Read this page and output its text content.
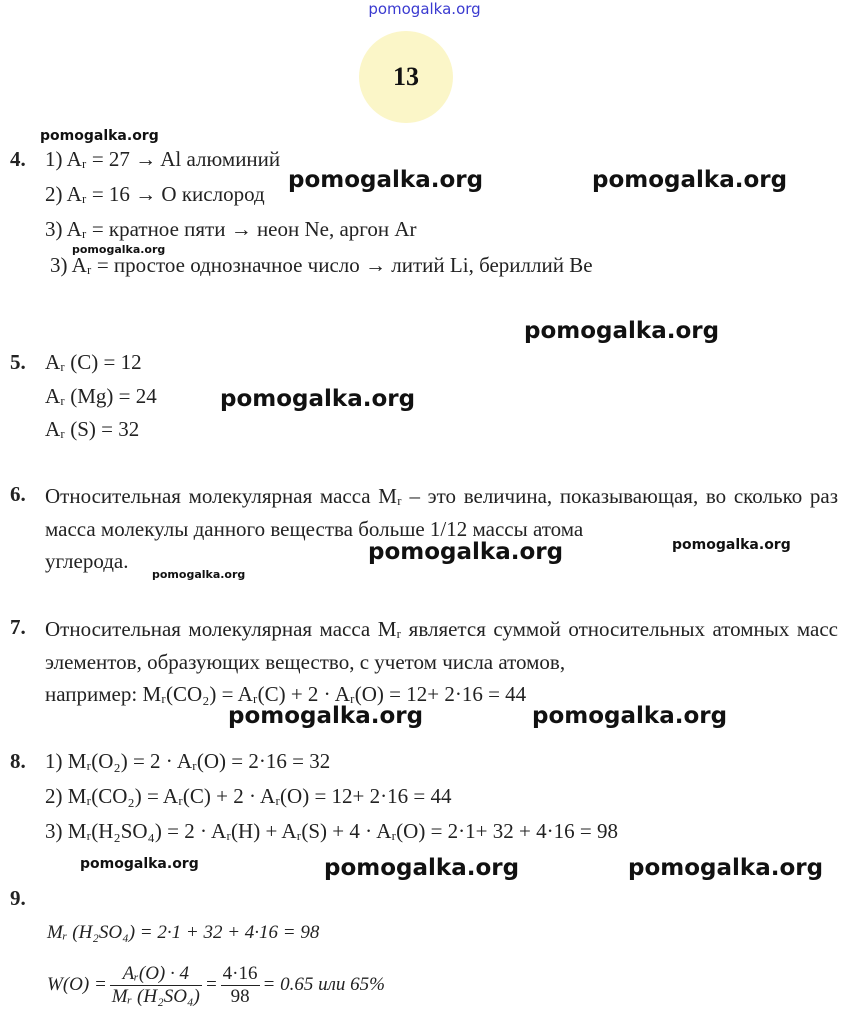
pomogalka.org
13
4. 1) Aᵣ = 27 → Al алюминий
2) Aᵣ = 16 → O кислород
3) Aᵣ = кратное пяти → неон Ne, аргон Ar
3) Aᵣ = простое однозначное число → литий Li, бериллий Be
5. Aᵣ (C) = 12
Aᵣ (Mg) = 24
Aᵣ (S) = 32
6. Относительная молекулярная масса Mᵣ – это величина, показывающая, во сколько раз масса молекулы данного вещества больше 1/12 массы атома
углерода.
7. Относительная молекулярная масса Mᵣ является суммой относительных атомных масс элементов, образующих вещество, с учетом числа атомов,
например: Mᵣ(CO₂) = Aᵣ(C) + 2 · Aᵣ(O) = 12+ 2·16 = 44
8. 1) Mᵣ(O₂) = 2 · Aᵣ(O) = 2·16 = 32
2) Mᵣ(CO₂) = Aᵣ(C) + 2 · Aᵣ(O) = 12+ 2·16 = 44
3) Mᵣ(H₂SO₄) = 2 · Aᵣ(H) + Aᵣ(S) + 4 · Aᵣ(O) = 2·1+ 32 + 4·16 = 98
9.
Mᵣ (H₂SO₄) = 2·1 + 32 + 4·16 = 98
$W(O) = \frac{\text{Aᵣ(O) · 4}}{\text{Mᵣ (H₂SO₄)}} = \frac{4\cdot 16}{98} = 0.65$ или 65%
pomogalka.org
pomogalka.org	pomogalka.org
pomogalka.org
pomogalka.org
pomogalka.org
pomogalka.org	pomogalka.org
pomogalka.org
pomogalka.org	pomogalka.org
pomogalka.org	pomogalka.org	pomogalka.org
